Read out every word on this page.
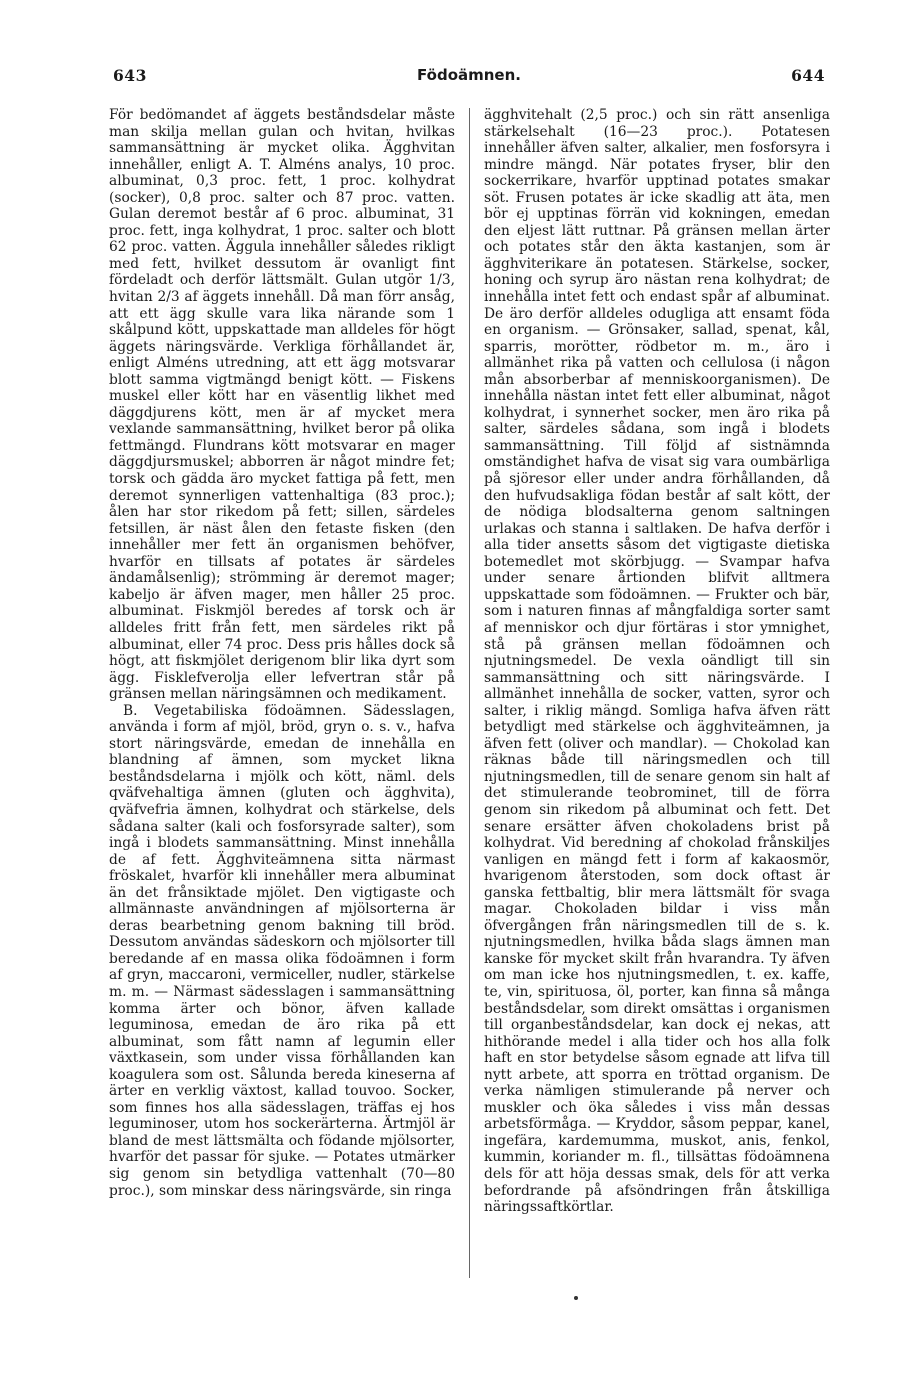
643	Födoämnen.	644

För bedömandet af äggets beståndsdelar måste man skilja mellan gulan och hvitan, hvilkas sammansättning är mycket olika. Ägghvitan innehåller, enligt A. T. Alméns analys, 10 proc. albuminat, 0,3 proc. fett, 1 proc. kolhydrat (socker), 0,8 proc. salter och 87 proc. vatten. Gulan deremot består af 6 proc. albuminat, 31 proc. fett, inga kolhydrat, 1 proc. salter och blott 62 proc. vatten. Äggula innehåller således rikligt med fett, hvilket dessutom är ovanligt fint fördeladt och derför lättsmält. Gulan utgör 1/3, hvitan 2/3 af äggets innehåll. Då man förr ansåg, att ett ägg skulle vara lika närande som 1 skålpund kött, uppskattade man alldeles för högt äggets näringsvärde. Verkliga förhållandet är, enligt Alméns utredning, att ett ägg motsvarar blott samma vigtmängd benigt kött. — Fiskens muskel eller kött har en väsentlig likhet med däggdjurens kött, men är af mycket mera vexlande sammansättning, hvilket beror på olika fettmängd. Flundrans kött motsvarar en mager däggdjursmuskel; abborren är något mindre fet; torsk och gädda äro mycket fattiga på fett, men deremot synnerligen vattenhaltiga (83 proc.); ålen har stor rikedom på fett; sillen, särdeles fetsillen, är näst ålen den fetaste fisken (den innehåller mer fett än organismen behöfver, hvarför en tillsats af potates är särdeles ändamålsenlig); strömming är deremot mager; kabeljo är äfven mager, men håller 25 proc. albuminat. Fiskmjöl beredes af torsk och är alldeles fritt från fett, men särdeles rikt på albuminat, eller 74 proc. Dess pris hålles dock så högt, att fiskmjölet derigenom blir lika dyrt som ägg. Fisklefverolja eller lefvertran står på gränsen mellan näringsämnen och medikament.

B. Vegetabiliska födoämnen. Sädesslagen, använda i form af mjöl, bröd, gryn o. s. v., hafva stort näringsvärde, emedan de innehålla en blandning af ämnen, som mycket likna beståndsdelarna i mjölk och kött, näml. dels qväfvehaltiga ämnen (gluten och ägghvita), qväfvefria ämnen, kolhydrat och stärkelse, dels sådana salter (kali och fosforsyrade salter), som ingå i blodets sammansättning. Minst innehålla de af fett. Ägghviteämnena sitta närmast fröskalet, hvarför kli innehåller mera albuminat än det frånsiktade mjölet. Den vigtigaste och allmännaste användningen af mjölsorterna är deras bearbetning genom bakning till bröd. Dessutom användas sädeskorn och mjölsorter till beredande af en massa olika födoämnen i form af gryn, maccaroni, vermiceller, nudler, stärkelse m. m. — Närmast sädesslagen i sammansättning komma ärter och bönor, äfven kallade leguminosa, emedan de äro rika på ett albuminat, som fått namn af legumin eller växtkasein, som under vissa förhållanden kan koagulera som ost. Sålunda bereda kineserna af ärter en verklig växtost, kallad touvoo. Socker, som finnes hos alla sädesslagen, träffas ej hos leguminoser, utom hos sockerärterna. Ärtmjöl är bland de mest lättsmälta och födande mjölsorter, hvarför det passar för sjuke. — Potates utmärker sig genom sin betydliga vattenhalt (70—80 proc.), som minskar dess näringsvärde, sin ringa

ägghvitehalt (2,5 proc.) och sin rätt ansenliga stärkelsehalt (16—23 proc.). Potatesen innehåller äfven salter, alkalier, men fosforsyra i mindre mängd. När potates fryser, blir den sockerrikare, hvarför upptinad potates smakar söt. Frusen potates är icke skadlig att äta, men bör ej upptinas förrän vid kokningen, emedan den eljest lätt ruttnar. På gränsen mellan ärter och potates står den äkta kastanjen, som är ägghviterikare än potatesen. Stärkelse, socker, honing och syrup äro nästan rena kolhydrat; de innehålla intet fett och endast spår af albuminat. De äro derför alldeles odugliga att ensamt föda en organism. — Grönsaker, sallad, spenat, kål, sparris, morötter, rödbetor m. m., äro i allmänhet rika på vatten och cellulosa (i någon mån absorberbar af menniskoorganismen). De innehålla nästan intet fett eller albuminat, något kolhydrat, i synnerhet socker, men äro rika på salter, särdeles sådana, som ingå i blodets sammansättning. Till följd af sistnämnda omständighet hafva de visat sig vara oumbärliga på sjöresor eller under andra förhållanden, då den hufvudsakliga födan består af salt kött, der de nödiga blodsalterna genom saltningen urlakas och stanna i saltlaken. De hafva derför i alla tider ansetts såsom det vigtigaste dietiska botemedlet mot skörbjugg. — Svampar hafva under senare årtionden blifvit alltmera uppskattade som födoämnen. — Frukter och bär, som i naturen finnas af mångfaldiga sorter samt af menniskor och djur förtäras i stor ymnighet, stå på gränsen mellan födoämnen och njutningsmedel. De vexla oändligt till sin sammansättning och sitt näringsvärde. I allmänhet innehålla de socker, vatten, syror och salter, i riklig mängd. Somliga hafva äfven rätt betydligt med stärkelse och ägghviteämnen, ja äfven fett (oliver och mandlar). — Chokolad kan räknas både till näringsmedlen och till njutningsmedlen, till de senare genom sin halt af det stimulerande teobrominet, till de förra genom sin rikedom på albuminat och fett. Det senare ersätter äfven chokoladens brist på kolhydrat. Vid beredning af chokolad frånskiljes vanligen en mängd fett i form af kakaosmör, hvarigenom återstoden, som dock oftast är ganska fettbaltig, blir mera lättsmält för svaga magar. Chokoladen bildar i viss mån öfvergången från näringsmedlen till de s. k. njutningsmedlen, hvilka båda slags ämnen man kanske för mycket skilt från hvarandra. Ty äfven om man icke hos njutningsmedlen, t. ex. kaffe, te, vin, spirituosa, öl, porter, kan finna så många beståndsdelar, som direkt omsättas i organismen till organbeståndsdelar, kan dock ej nekas, att hithörande medel i alla tider och hos alla folk haft en stor betydelse såsom egnade att lifva till nytt arbete, att sporra en tröttad organism. De verka nämligen stimulerande på nerver och muskler och öka således i viss mån dessas arbetsförmåga. — Kryddor, såsom peppar, kanel, ingefära, kardemumma, muskot, anis, fenkol, kummin, koriander m. fl., tillsättas födoämnena dels för att höja dessas smak, dels för att verka befordrande på afsöndringen från åtskilliga näringssaftkörtlar.
